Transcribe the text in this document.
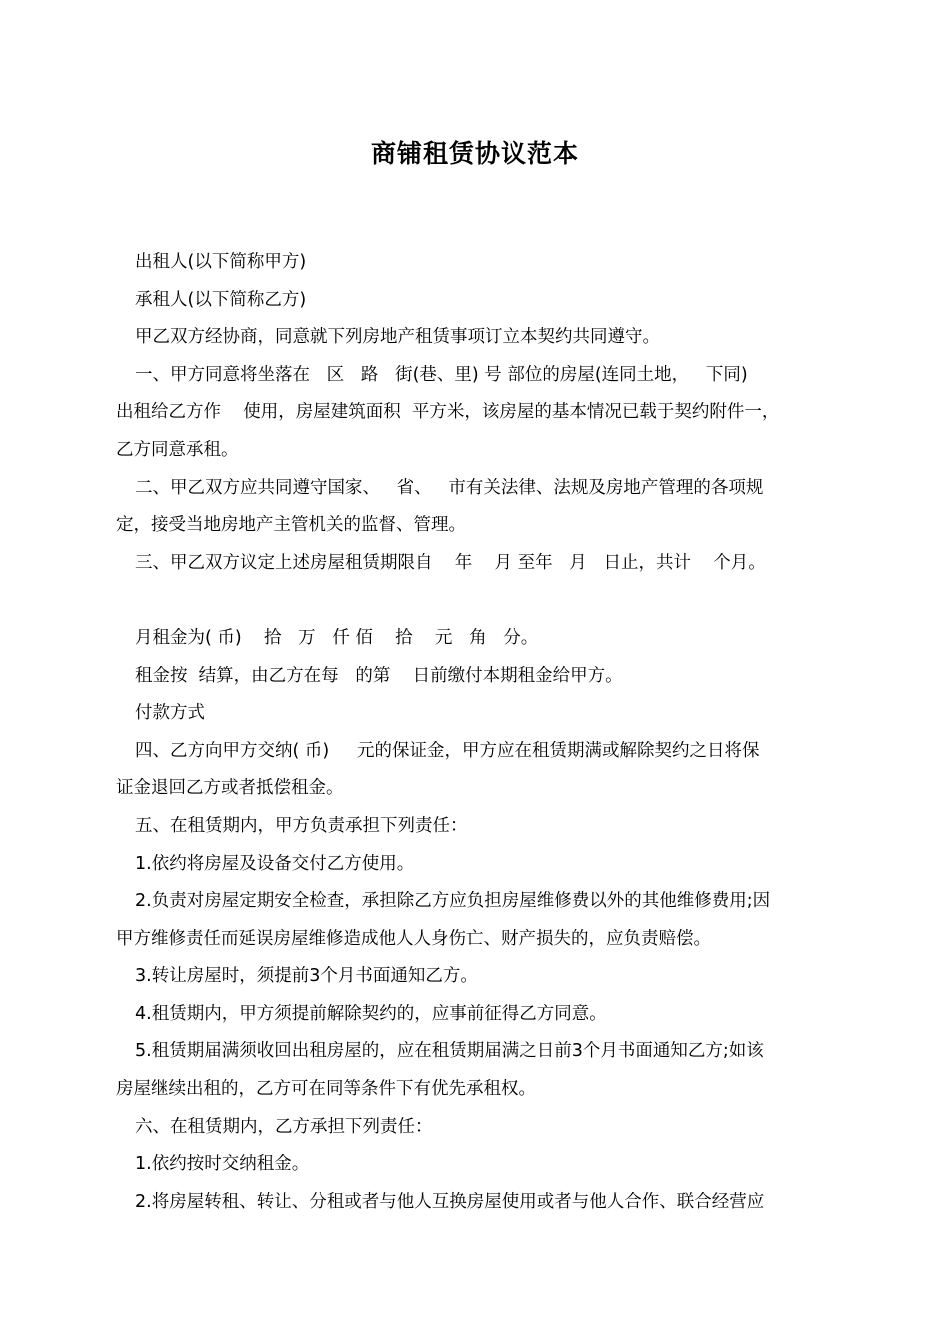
商铺租赁协议范本
出租人(以下简称甲方)
承租人(以下简称乙方)
甲乙双方经协商，同意就下列房地产租赁事项订立本契约共同遵守。
一、甲方同意将坐落在   区   路   街(巷、里) 号 部位的房屋(连同土地，   下同)
出租给乙方作    使用，房屋建筑面积  平方米，该房屋的基本情况已载于契约附件一，
乙方同意承租。
二、甲乙双方应共同遵守国家、   省、   市有关法律、法规及房地产管理的各项规
定，接受当地房地产主管机关的监督、管理。
三、甲乙双方议定上述房屋租赁期限自    年    月 至年   月   日止，共计    个月。
月租金为( 币)    拾   万   仟 佰    拾    元   角   分。
租金按  结算，由乙方在每   的第    日前缴付本期租金给甲方。
付款方式
四、乙方向甲方交纳( 币)     元的保证金，甲方应在租赁期满或解除契约之日将保
证金退回乙方或者抵偿租金。
五、在租赁期内，甲方负责承担下列责任：
1.依约将房屋及设备交付乙方使用。
2.负责对房屋定期安全检查，承担除乙方应负担房屋维修费以外的其他维修费用;因
甲方维修责任而延误房屋维修造成他人人身伤亡、财产损失的，应负责赔偿。
3.转让房屋时，须提前3个月书面通知乙方。
4.租赁期内，甲方须提前解除契约的，应事前征得乙方同意。
5.租赁期届满须收回出租房屋的，应在租赁期届满之日前3个月书面通知乙方;如该
房屋继续出租的，乙方可在同等条件下有优先承租权。
六、在租赁期内，乙方承担下列责任：
1.依约按时交纳租金。
2.将房屋转租、转让、分租或者与他人互换房屋使用或者与他人合作、联合经营应
